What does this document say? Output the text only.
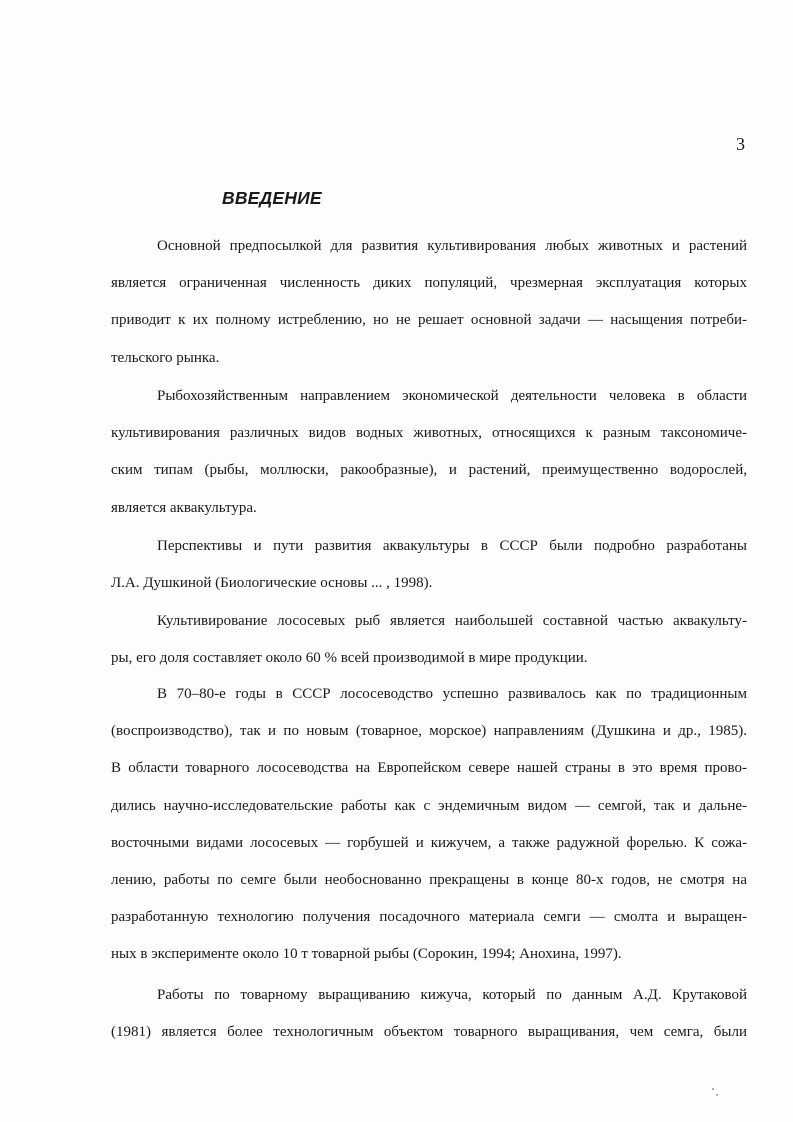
3
ВВЕДЕНИЕ
Основной предпосылкой для развития культивирования любых животных и растений
является ограниченная численность диких популяций, чрезмерная эксплуатация которых
приводит к их полному истреблению, но не решает основной задачи — насыщения потреби-
тельского рынка.
Рыбохозяйственным направлением экономической деятельности человека в области
культивирования различных видов водных животных, относящихся к разным таксономиче-
ским типам (рыбы, моллюски, ракообразные), и растений, преимущественно водорослей,
является аквакультура.
Перспективы и пути развития аквакультуры в СССР были подробно разработаны
Л.А. Душкиной (Биологические основы ... , 1998).
Культивирование лососевых рыб является наибольшей составной частью аквакульту-
ры, его доля составляет около 60 % всей производимой в мире продукции.
В 70–80-е годы в СССР лососеводство успешно развивалось как по традиционным
(воспроизводство), так и по новым (товарное, морское) направлениям (Душкина и др., 1985).
В области товарного лососеводства на Европейском севере нашей страны в это время прово-
дились научно-исследовательские работы как с эндемичным видом — семгой, так и дальне-
восточными видами лососевых — горбушей и кижучем, а также радужной форелью. К сожа-
лению, работы по семге были необоснованно прекращены в конце 80-х годов, не смотря на
разработанную технологию получения посадочного материала семги — смолта и выращен-
ных в эксперименте около 10 т товарной рыбы (Сорокин, 1994; Анохина, 1997).
Работы по товарному выращиванию кижуча, который по данным А.Д. Крутаковой
(1981) является более технологичным объектом товарного выращивания, чем семга, были
